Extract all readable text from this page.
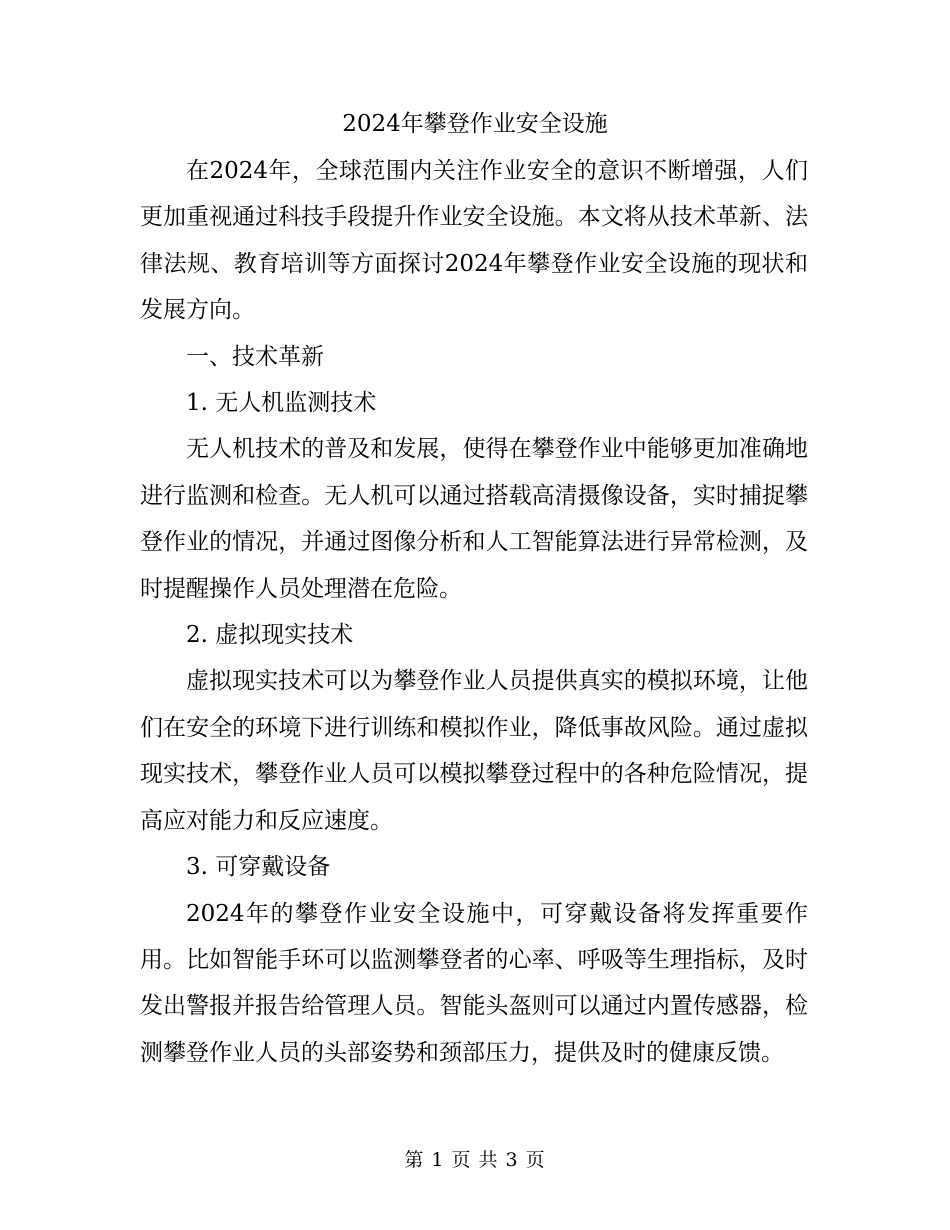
2024年攀登作业安全设施

在2024年，全球范围内关注作业安全的意识不断增强，人们更加重视通过科技手段提升作业安全设施。本文将从技术革新、法律法规、教育培训等方面探讨2024年攀登作业安全设施的现状和发展方向。

一、技术革新

1. 无人机监测技术

无人机技术的普及和发展，使得在攀登作业中能够更加准确地进行监测和检查。无人机可以通过搭载高清摄像设备，实时捕捉攀登作业的情况，并通过图像分析和人工智能算法进行异常检测，及时提醒操作人员处理潜在危险。

2. 虚拟现实技术

虚拟现实技术可以为攀登作业人员提供真实的模拟环境，让他们在安全的环境下进行训练和模拟作业，降低事故风险。通过虚拟现实技术，攀登作业人员可以模拟攀登过程中的各种危险情况，提高应对能力和反应速度。

3. 可穿戴设备

2024年的攀登作业安全设施中，可穿戴设备将发挥重要作用。比如智能手环可以监测攀登者的心率、呼吸等生理指标，及时发出警报并报告给管理人员。智能头盔则可以通过内置传感器，检测攀登作业人员的头部姿势和颈部压力，提供及时的健康反馈。

第 1 页 共 3 页
